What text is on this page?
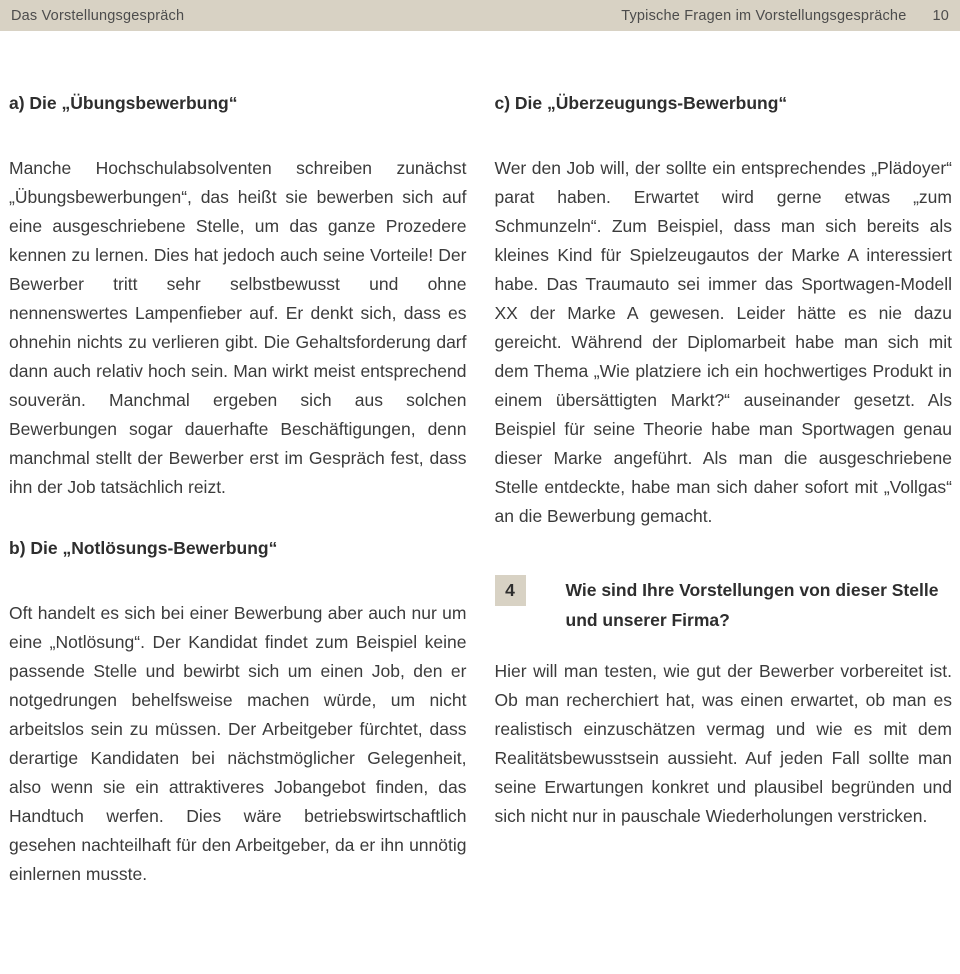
Das Vorstellungsgespräch	Typische Fragen im Vorstellungsgespräche 10
a) Die „Übungsbewerbung“

Manche Hochschulabsolventen schreiben zunächst „Übungsbewerbungen“, das heißt sie bewerben sich auf eine ausgeschriebene Stelle, um das ganze Prozedere kennen zu lernen. Dies hat jedoch auch seine Vorteile! Der Bewerber tritt sehr selbstbewusst und ohne nennenswertes Lampenfieber auf. Er denkt sich, dass es ohnehin nichts zu verlieren gibt. Die Gehaltsforderung darf dann auch relativ hoch sein. Man wirkt meist entsprechend souverän. Manchmal ergeben sich aus solchen Bewerbungen sogar dauerhafte Beschäftigungen, denn manchmal stellt der Bewerber erst im Gespräch fest, dass ihn der Job tatsächlich reizt.

b) Die „Notlösungs-Bewerbung“

Oft handelt es sich bei einer Bewerbung aber auch nur um eine „Notlösung“. Der Kandidat findet zum Beispiel keine passende Stelle und bewirbt sich um einen Job, den er notgedrungen behelfsweise machen würde, um nicht arbeitslos sein zu müssen. Der Arbeitgeber fürchtet, dass derartige Kandidaten bei nächstmöglicher Gelegenheit, also wenn sie ein attraktiveres Jobangebot finden, das Handtuch werfen. Dies wäre betriebswirtschaftlich gesehen nachteilhaft für den Arbeitgeber, da er ihn unnötig einlernen musste.

c) Die „Überzeugungs-Bewerbung“

Wer den Job will, der sollte ein entsprechendes „Plädoyer“ parat haben. Erwartet wird gerne etwas „zum Schmunzeln“. Zum Beispiel, dass man sich bereits als kleines Kind für Spielzeugautos der Marke A interessiert habe. Das Traumauto sei immer das Sportwagen-Modell XX der Marke A gewesen. Leider hätte es nie dazu gereicht. Während der Diplomarbeit habe man sich mit dem Thema „Wie platziere ich ein hochwertiges Produkt in einem übersättigten Markt?“ auseinander gesetzt. Als Beispiel für seine Theorie habe man Sportwagen genau dieser Marke angeführt. Als man die ausgeschriebene Stelle entdeckte, habe man sich daher sofort mit „Vollgas“ an die Bewerbung gemacht.

4	Wie sind Ihre Vorstellungen von dieser Stelle und unserer Firma?

Hier will man testen, wie gut der Bewerber vorbereitet ist. Ob man recherchiert hat, was einen erwartet, ob man es realistisch einzuschätzen vermag und wie es mit dem Realitätsbewusstsein aussieht. Auf jeden Fall sollte man seine Erwartungen konkret und plausibel begründen und sich nicht nur in pauschale Wiederholungen verstricken.
